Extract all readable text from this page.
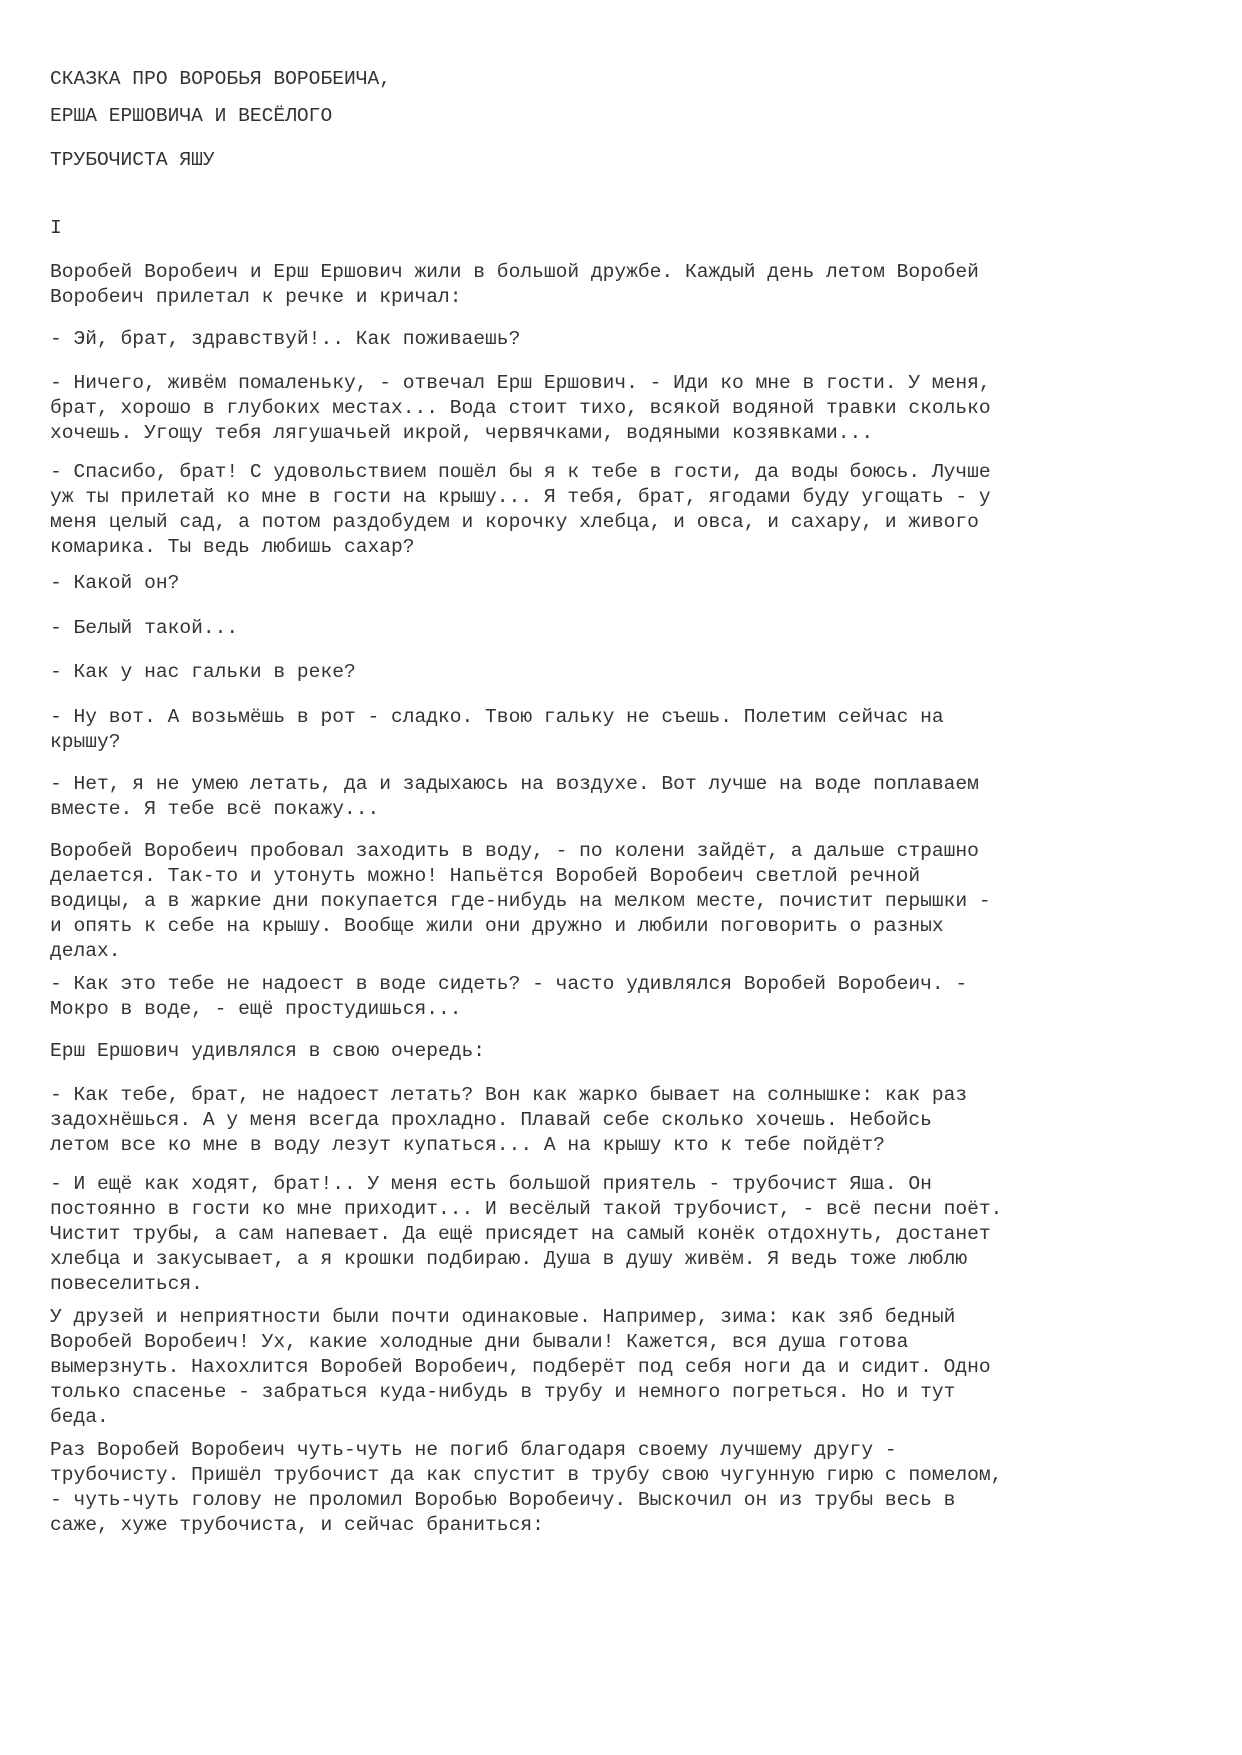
СКАЗКА ПРО ВОРОБЬЯ ВОРОБЕИЧА,

ЕРША ЕРШОВИЧА И ВЕСЁЛОГО

ТРУБОЧИСТА ЯШУ

I

Воробей Воробеич и Ерш Ершович жили в большой дружбе. Каждый день летом Воробей
Воробеич прилетал к речке и кричал:

- Эй, брат, здравствуй!.. Как поживаешь?

- Ничего, живём помаленьку, - отвечал Ерш Ершович. - Иди ко мне в гости. У меня,
брат, хорошо в глубоких местах... Вода стоит тихо, всякой водяной травки сколько
хочешь. Угощу тебя лягушачьей икрой, червячками, водяными козявками...

- Спасибо, брат! С удовольствием пошёл бы я к тебе в гости, да воды боюсь. Лучше
уж ты прилетай ко мне в гости на крышу... Я тебя, брат, ягодами буду угощать - у
меня целый сад, а потом раздобудем и корочку хлебца, и овса, и сахару, и живого
комарика. Ты ведь любишь сахар?

- Какой он?

- Белый такой...

- Как у нас гальки в реке?

- Ну вот. А возьмёшь в рот - сладко. Твою гальку не съешь. Полетим сейчас на
крышу?

- Нет, я не умею летать, да и задыхаюсь на воздухе. Вот лучше на воде поплаваем
вместе. Я тебе всё покажу...

Воробей Воробеич пробовал заходить в воду, - по колени зайдёт, а дальше страшно
делается. Так-то и утонуть можно! Напьётся Воробей Воробеич светлой речной
водицы, а в жаркие дни покупается где-нибудь на мелком месте, почистит перышки -
и опять к себе на крышу. Вообще жили они дружно и любили поговорить о разных
делах.

- Как это тебе не надоест в воде сидеть? - часто удивлялся Воробей Воробеич. -
Мокро в воде, - ещё простудишься...

Ерш Ершович удивлялся в свою очередь:

- Как тебе, брат, не надоест летать? Вон как жарко бывает на солнышке: как раз
задохнёшься. А у меня всегда прохладно. Плавай себе сколько хочешь. Небойсь
летом все ко мне в воду лезут купаться... А на крышу кто к тебе пойдёт?

- И ещё как ходят, брат!.. У меня есть большой приятель - трубочист Яша. Он
постоянно в гости ко мне приходит... И весёлый такой трубочист, - всё песни поёт.
Чистит трубы, а сам напевает. Да ещё присядет на самый конёк отдохнуть, достанет
хлебца и закусывает, а я крошки подбираю. Душа в душу живём. Я ведь тоже люблю
повеселиться.

У друзей и неприятности были почти одинаковые. Например, зима: как зяб бедный
Воробей Воробеич! Ух, какие холодные дни бывали! Кажется, вся душа готова
вымерзнуть. Нахохлится Воробей Воробеич, подберёт под себя ноги да и сидит. Одно
только спасенье - забраться куда-нибудь в трубу и немного погреться. Но и тут
беда.

Раз Воробей Воробеич чуть-чуть не погиб благодаря своему лучшему другу -
трубочисту. Пришёл трубочист да как спустит в трубу свою чугунную гирю с помелом,
- чуть-чуть голову не проломил Воробью Воробеичу. Выскочил он из трубы весь в
саже, хуже трубочиста, и сейчас браниться:
